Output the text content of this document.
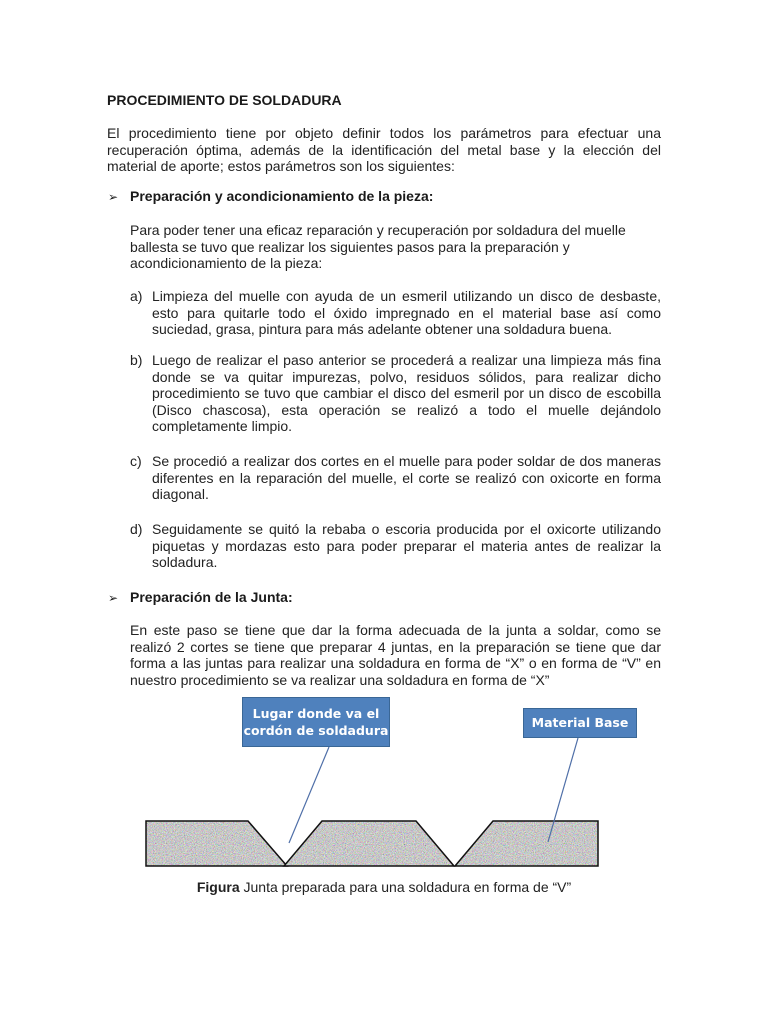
PROCEDIMIENTO DE SOLDADURA

El procedimiento tiene por objeto definir todos los parámetros para efectuar una recuperación óptima, además de la identificación del metal base y la elección del material de aporte; estos parámetros son los siguientes:

➢ Preparación y acondicionamiento de la pieza:

Para poder tener una eficaz reparación y recuperación por soldadura del muelle ballesta se tuvo que realizar los siguientes pasos para la preparación y acondicionamiento de la pieza:

a) Limpieza del muelle con ayuda de un esmeril utilizando un disco de desbaste, esto para quitarle todo el óxido impregnado en el material base así como suciedad, grasa, pintura para más adelante obtener una soldadura buena.

b) Luego de realizar el paso anterior se procederá a realizar una limpieza más fina donde se va quitar impurezas, polvo, residuos sólidos, para realizar dicho procedimiento se tuvo que cambiar el disco del esmeril por un disco de escobilla (Disco chascosa), esta operación se realizó a todo el muelle dejándolo completamente limpio.

c) Se procedió a realizar dos cortes en el muelle para poder soldar de dos maneras diferentes en la reparación del muelle, el corte se realizó con oxicorte en forma diagonal.

d) Seguidamente se quitó la rebaba o escoria producida por el oxicorte utilizando piquetas y mordazas esto para poder preparar el materia antes de realizar la soldadura.

➢ Preparación de la Junta:

En este paso se tiene que dar la forma adecuada de la junta a soldar, como se realizó 2 cortes se tiene que preparar 4 juntas, en la preparación se tiene que dar forma a las juntas para realizar una soldadura en forma de “X” o en forma de “V” en nuestro procedimiento se va realizar una soldadura en forma de “X”

Lugar donde va el cordón de soldadura
Material Base
Figura Junta preparada para una soldadura en forma de “V”
